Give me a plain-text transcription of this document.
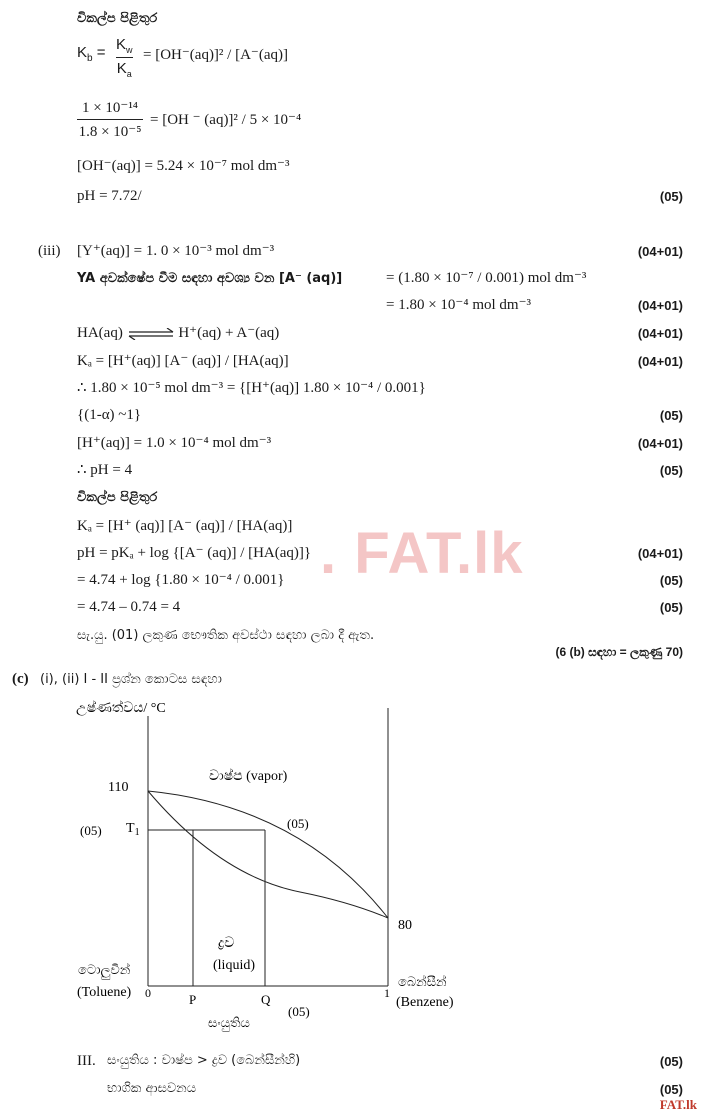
. FAT.lk
විකල්ප පිළිතුර
$K_b = K_w$
$K_a$
= [OH⁻(aq)]² / [A⁻(aq)]
1 × 10⁻¹⁴
1.8 × 10⁻⁵
= [OH ⁻ (aq)]² / 5 × 10⁻⁴
[OH⁻(aq)] = 5.24 × 10⁻⁷ mol dm⁻³
pH = 7.72/	(05)
(iii) [Y⁺(aq)] = 1. 0 × 10⁻³ mol dm⁻³	(04+01)
YA අවක්ෂේප වීම සඳහා අවශ්‍ය වන [A⁻ (aq)]	= (1.80 × 10⁻⁷ / 0.001) mol dm⁻³
= 1.80 × 10⁻⁴ mol dm⁻³	(04+01)
HA(aq) ⇌ H⁺(aq) + A⁻(aq)	(04+01)
Kₐ = [H⁺(aq)] [A⁻ (aq)] / [HA(aq)]	(04+01)
∴ 1.80 × 10⁻⁵ mol dm⁻³ = {[H⁺(aq)] 1.80 × 10⁻⁴ / 0.001}
{(1-α) ~1}	(05)
[H⁺(aq)] = 1.0 × 10⁻⁴ mol dm⁻³	(04+01)
∴ pH = 4	(05)
විකල්ප පිළිතුර
Kₐ = [H⁺ (aq)] [A⁻ (aq)] / [HA(aq)]
pH = pKₐ + log {[A⁻ (aq)] / [HA(aq)]}	(04+01)
= 4.74 + log {1.80 × 10⁻⁴ / 0.001}	(05)
= 4.74 – 0.74 = 4	(05)
සැ.යු. (01) ලකුණ භෞතික අවස්ථා සඳහා ලබා දී ඇත.
(6 (b) සඳහා = ලකුණු 70)
(c) (i), (ii) I - II ප්‍රශ්න කොටස සඳහා
උෂ්ණත්වය/ °C
110
$T_1$
(05)	(05)
වාෂ්ප (vapor)
80
ද්‍රව
(liquid)
ටොලුවීන්
(Toluene) 0	P	Q	1
බෙන්සීන්
(Benzene)
සංයුතිය
(05)
III. සංයුතිය : වාෂ්ප > ද්‍රව (බෙන්සීන්හි)	(05)
භාගික ආසවනය	(05)
FAT.lk
